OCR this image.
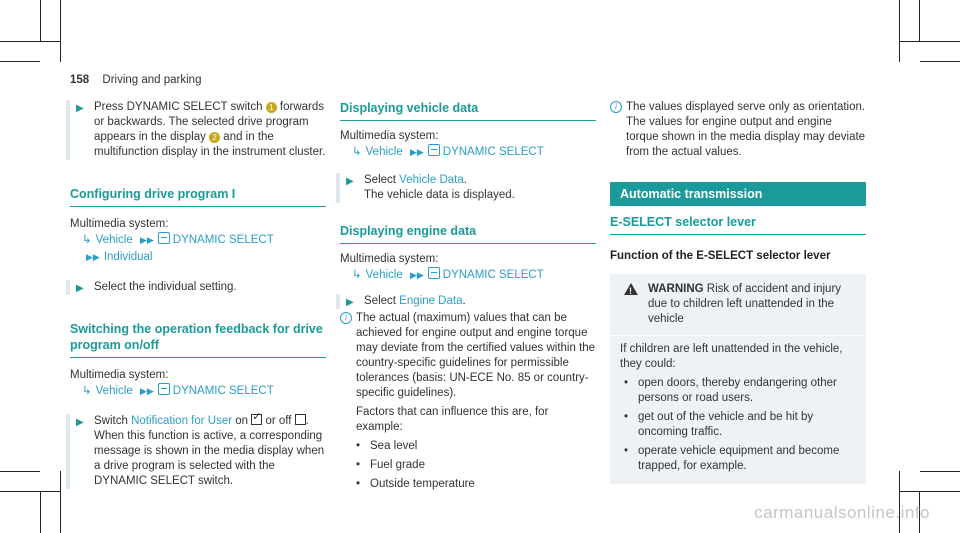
158 Driving and parking
▶ Press DYNAMIC SELECT switch 1 forwards or backwards. The selected drive program appears in the display 2 and in the multifunction display in the instrument cluster.
Configuring drive program I
Multimedia system:
↳ Vehicle ▶▶ DYNAMIC SELECT
▶▶ Individual
▶ Select the individual setting.
Switching the operation feedback for drive program on/off
Multimedia system:
↳ Vehicle ▶▶ DYNAMIC SELECT
▶ Switch Notification for User on ✓ or off . When this function is active, a corresponding message is shown in the media display when a drive program is selected with the DYNAMIC SELECT switch.
Displaying vehicle data
Multimedia system:
↳ Vehicle ▶▶ DYNAMIC SELECT
▶ Select Vehicle Data.
The vehicle data is displayed.
Displaying engine data
Multimedia system:
↳ Vehicle ▶▶ DYNAMIC SELECT
▶ Select Engine Data.
i The actual (maximum) values that can be achieved for engine output and engine torque may deviate from the certified values within the country-specific guidelines for permissible tolerances (basis: UN-ECE No. 85 or country-specific guidelines).
Factors that can influence this are, for example:
• Sea level
• Fuel grade
• Outside temperature
i The values displayed serve only as orientation. The values for engine output and engine torque shown in the media display may deviate from the actual values.
Automatic transmission
E-SELECT selector lever
Function of the E-SELECT selector lever
!
WARNING Risk of accident and injury due to children left unattended in the vehicle
If children are left unattended in the vehicle, they could:
• open doors, thereby endangering other persons or road users.
• get out of the vehicle and be hit by oncoming traffic.
• operate vehicle equipment and become trapped, for example.
carmanualsonline.info
